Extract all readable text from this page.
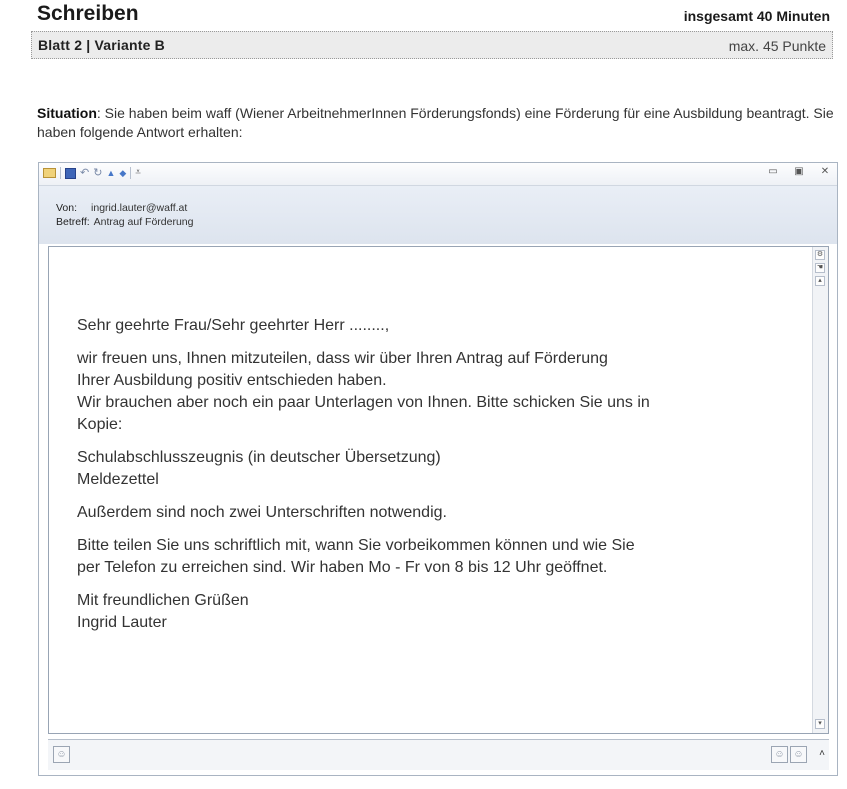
Schreiben	insgesamt 40 Minuten
Blatt 2 | Variante B	max. 45 Punkte
Situation: Sie haben beim waff (Wiener ArbeitnehmerInnen Förderungsfonds) eine Förderung für eine Ausbildung beantragt. Sie haben folgende Antwort erhalten:
↶ ↻ ▲ ◆ ⩡	▭ ▣ ✕
Von: ingrid.lauter@waff.at
Betreff: Antrag auf Förderung
⚙
☚
▴
▾

Sehr geehrte Frau/Sehr geehrter Herr ........,

wir freuen uns, Ihnen mitzuteilen, dass wir über Ihren Antrag auf Förderung
Ihrer Ausbildung positiv entschieden haben.
Wir brauchen aber noch ein paar Unterlagen von Ihnen. Bitte schicken Sie uns in
Kopie:

Schulabschlusszeugnis (in deutscher Übersetzung)
Meldezettel

Außerdem sind noch zwei Unterschriften notwendig.

Bitte teilen Sie uns schriftlich mit, wann Sie vorbeikommen können und wie Sie
per Telefon zu erreichen sind. Wir haben Mo - Fr von 8 bis 12 Uhr geöffnet.

Mit freundlichen Grüßen
Ingrid Lauter

☺	☺ ☺	˄
